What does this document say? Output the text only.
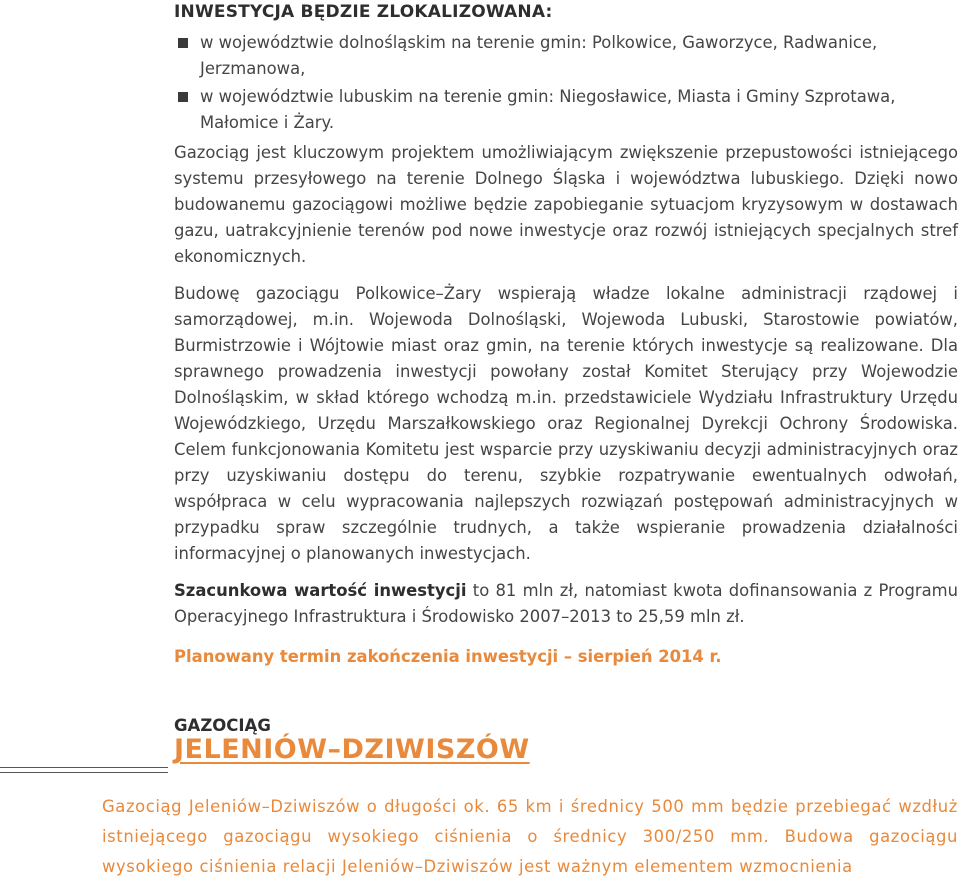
INWESTYCJA BĘDZIE ZLOKALIZOWANA:
w województwie dolnośląskim na terenie gmin: Polkowice, Gaworzyce, Radwanice, Jerzmanowa,
w województwie lubuskim na terenie gmin: Niegosławice, Miasta i Gminy Szprotawa, Małomice i Żary.

Gazociąg jest kluczowym projektem umożliwiającym zwiększenie przepustowości istniejącego systemu przesyłowego na terenie Dolnego Śląska i województwa lubuskiego. Dzięki nowo budowanemu gazociągowi możliwe będzie zapobieganie sytuacjom kryzysowym w dostawach gazu, uatrakcyjnienie terenów pod nowe inwestycje oraz rozwój istniejących specjalnych stref ekonomicznych.

Budowę gazociągu Polkowice–Żary wspierają władze lokalne administracji rządowej i samorządowej, m.in. Wojewoda Dolnośląski, Wojewoda Lubuski, Starostowie powiatów, Burmistrzowie i Wójtowie miast oraz gmin, na terenie których inwestycje są realizowane. Dla sprawnego prowadzenia inwestycji powołany został Komitet Sterujący przy Wojewodzie Dolnośląskim, w skład którego wchodzą m.in. przedstawiciele Wydziału Infrastruktury Urzędu Wojewódzkiego, Urzędu Marszałkowskiego oraz Regionalnej Dyrekcji Ochrony Środowiska. Celem funkcjonowania Komitetu jest wsparcie przy uzyskiwaniu decyzji administracyjnych oraz przy uzyskiwaniu dostępu do terenu, szybkie rozpatrywanie ewentualnych odwołań, współpraca w celu wypracowania najlepszych rozwiązań postępowań administracyjnych w przypadku spraw szczególnie trudnych, a także wspieranie prowadzenia działalności informacyjnej o planowanych inwestycjach.

Szacunkowa wartość inwestycji to 81 mln zł, natomiast kwota dofinansowania z Programu Operacyjnego Infrastruktura i Środowisko 2007–2013 to 25,59 mln zł.

Planowany termin zakończenia inwestycji – sierpień 2014 r.

GAZOCIĄG
JELENIÓW–DZIWISZÓW

Gazociąg Jeleniów–Dziwiszów o długości ok. 65 km i średnicy 500 mm będzie przebiegać wzdłuż istniejącego gazociągu wysokiego ciśnienia o średnicy 300/250 mm. Budowa gazociągu wysokiego ciśnienia relacji Jeleniów–Dziwiszów jest ważnym elementem wzmocnienia
